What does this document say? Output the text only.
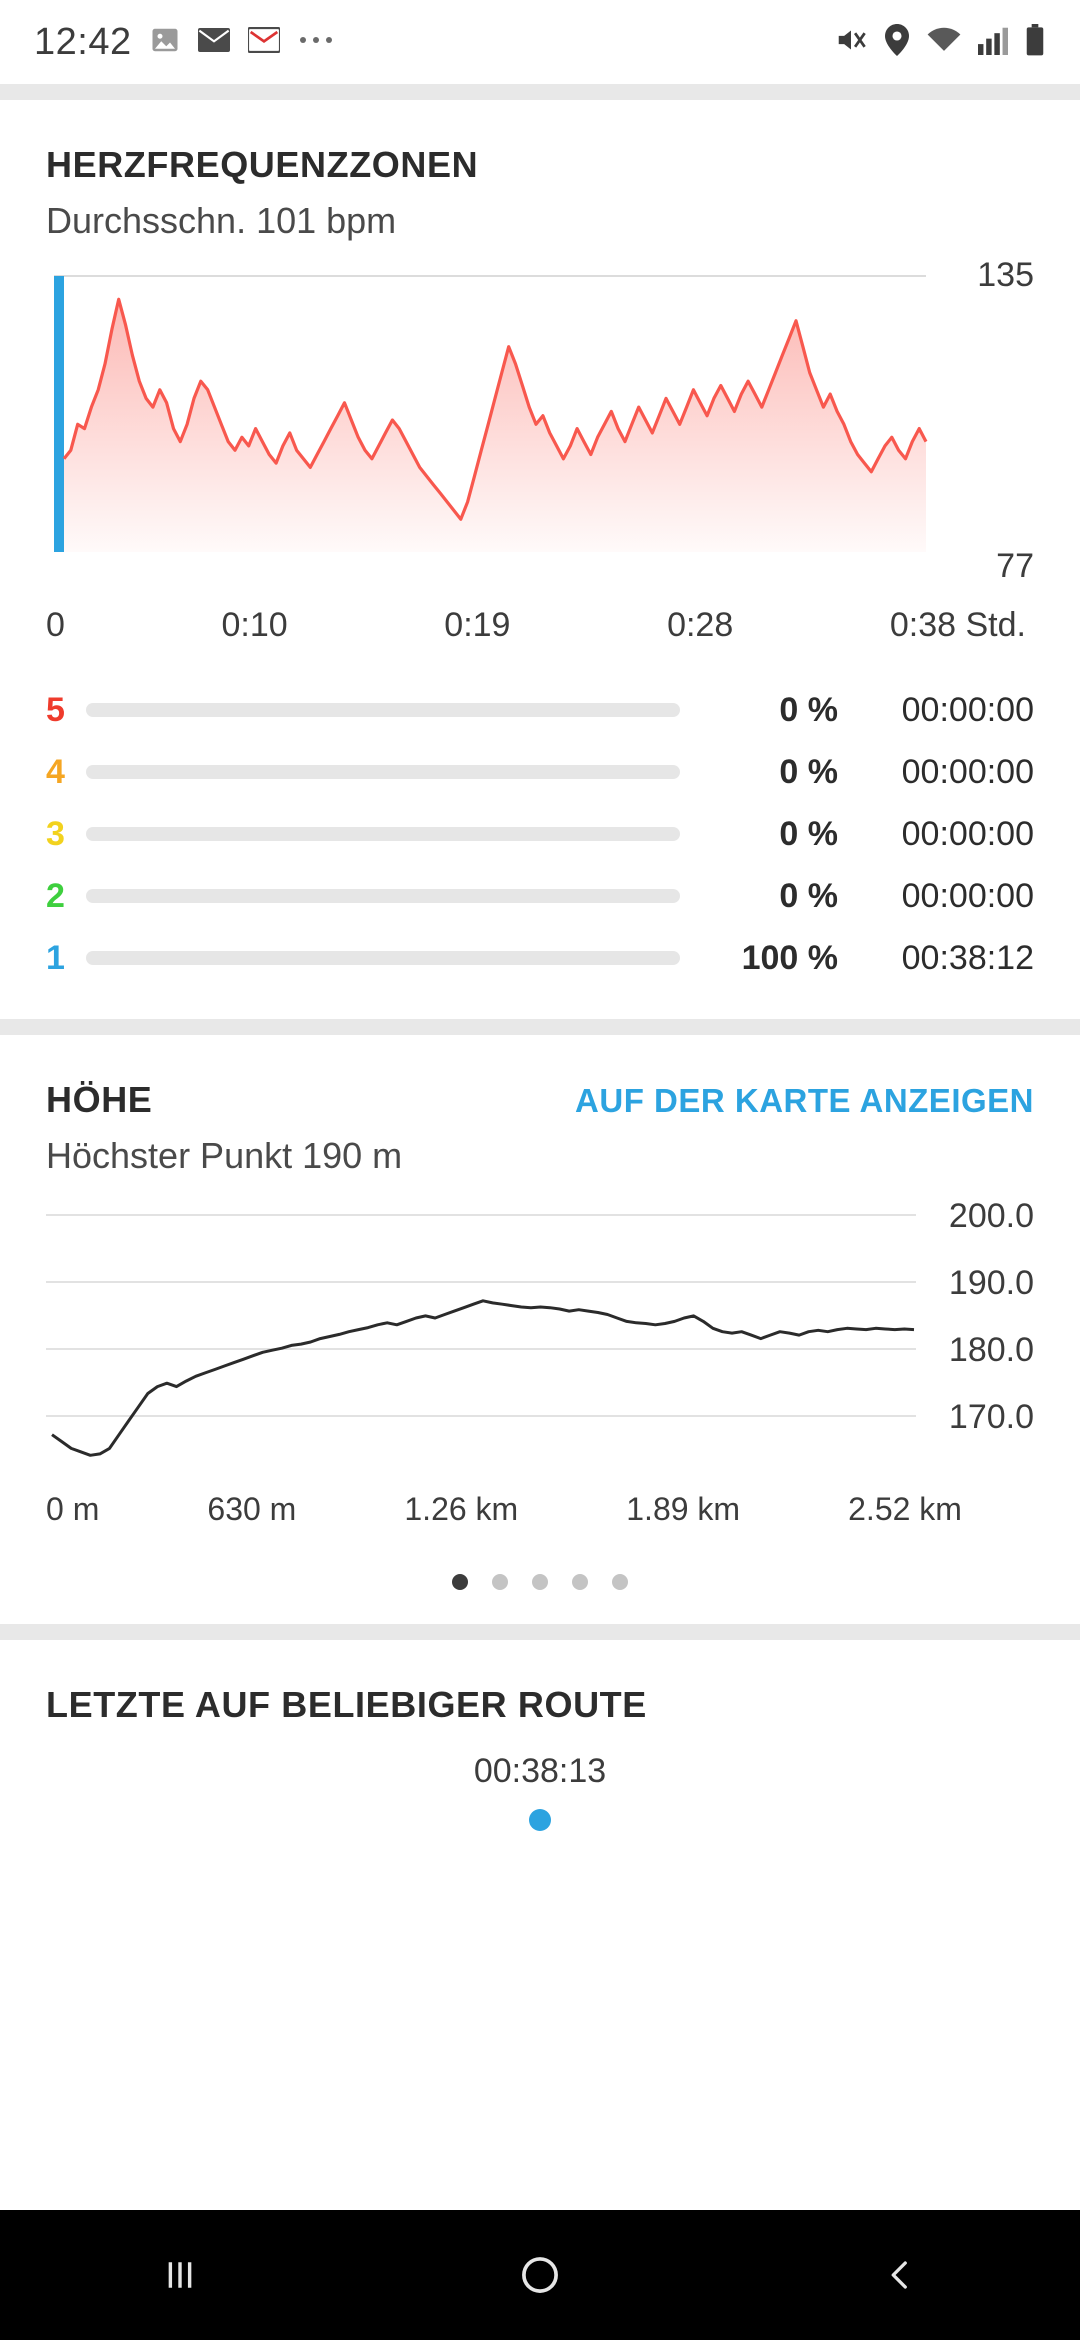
12:42
HERZFREQUENZZONEN
Durchsschn. 101 bpm
135
77
0	0:10	0:19	0:28	0:38 Std.
5	0 %	00:00:00
4	0 %	00:00:00
3	0 %	00:00:00
2	0 %	00:00:00
1	100 %	00:38:12
HÖHE	AUF DER KARTE ANZEIGEN
Höchster Punkt 190 m
200.0
190.0
180.0
170.0
0 m	630 m	1.26 km	1.89 km	2.52 km
LETZTE AUF BELIEBIGER ROUTE
00:38:13
